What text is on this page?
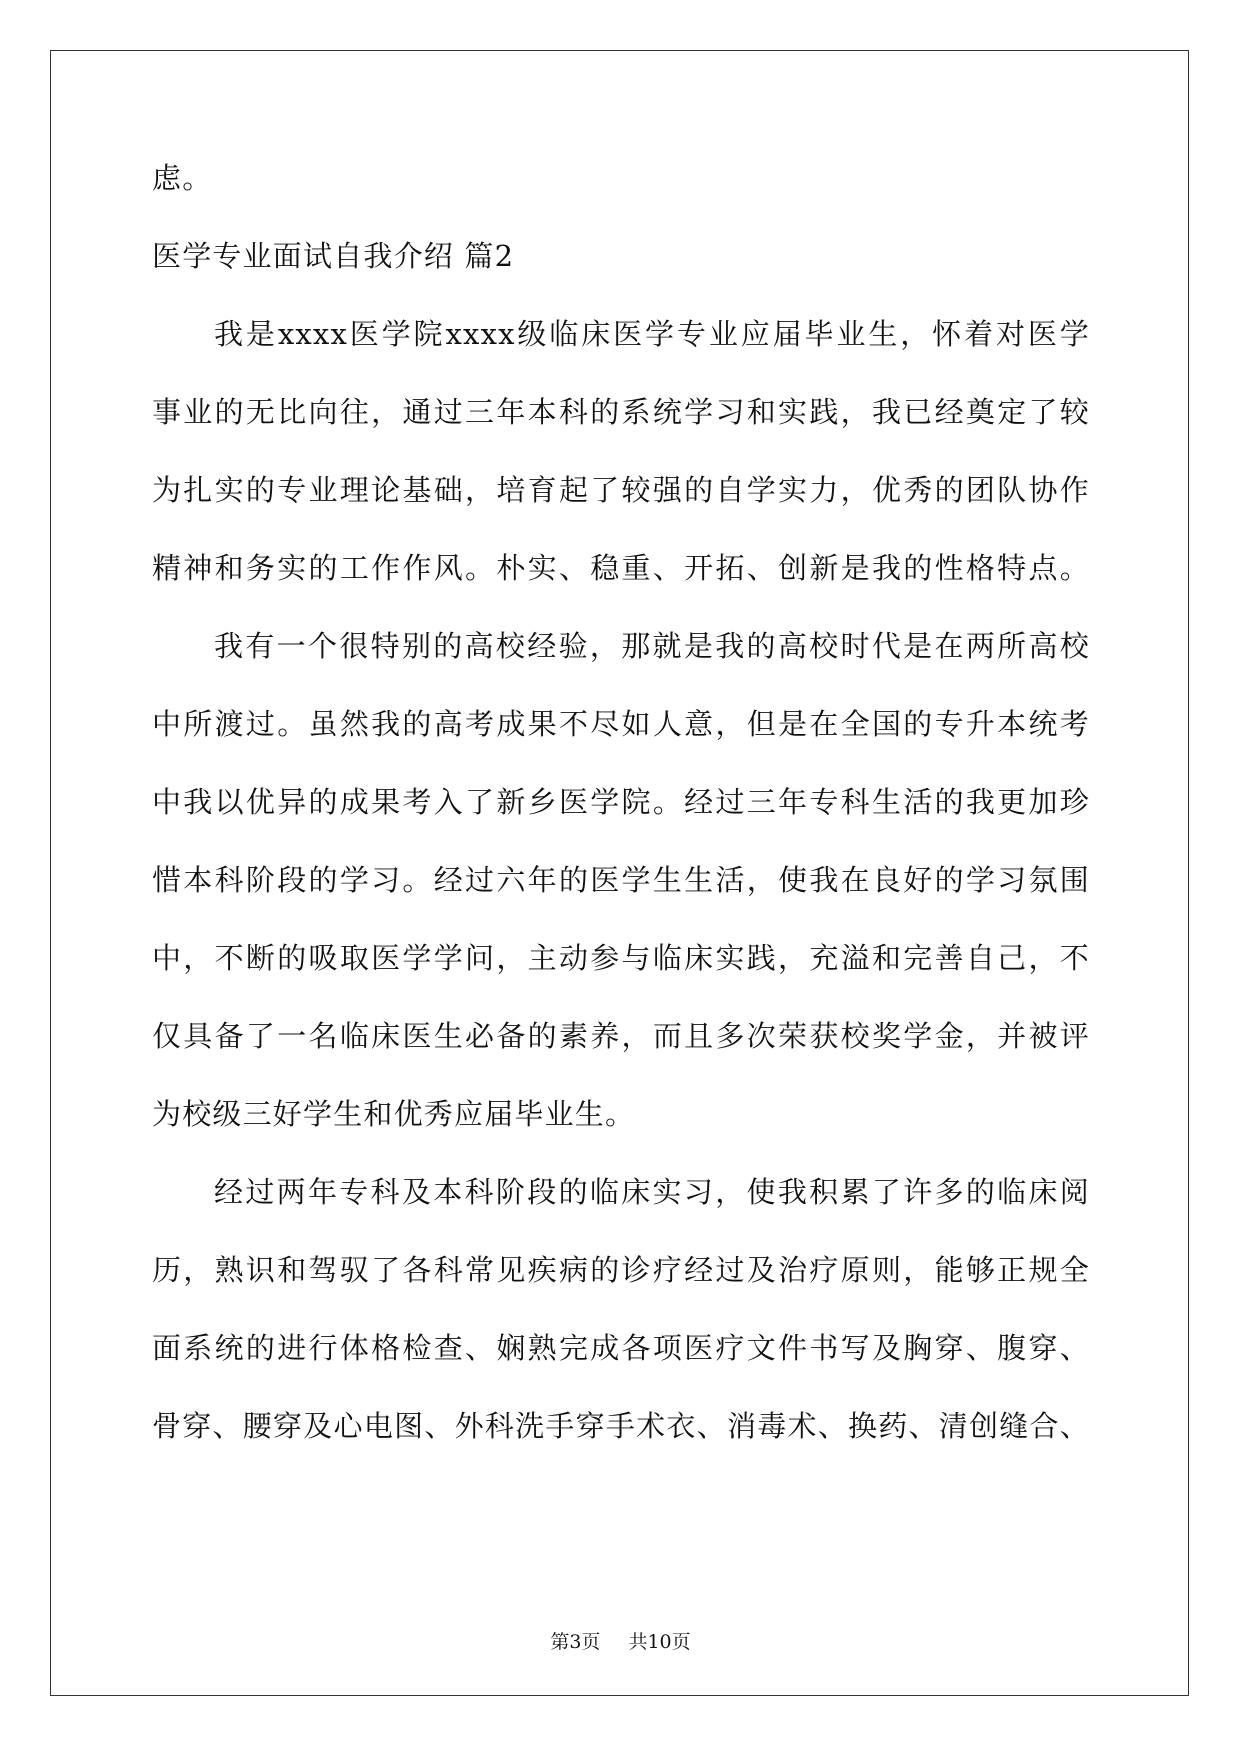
虑。

医学专业面试自我介绍 篇2

我是xxxx医学院xxxx级临床医学专业应届毕业生，怀着对医学

事业的无比向往，通过三年本科的系统学习和实践，我已经奠定了较

为扎实的专业理论基础，培育起了较强的自学实力，优秀的团队协作

精神和务实的工作作风。朴实、稳重、开拓、创新是我的性格特点。

我有一个很特别的高校经验，那就是我的高校时代是在两所高校

中所渡过。虽然我的高考成果不尽如人意，但是在全国的专升本统考

中我以优异的成果考入了新乡医学院。经过三年专科生活的我更加珍

惜本科阶段的学习。经过六年的医学生生活，使我在良好的学习氛围

中，不断的吸取医学学问，主动参与临床实践，充溢和完善自己，不

仅具备了一名临床医生必备的素养，而且多次荣获校奖学金，并被评

为校级三好学生和优秀应届毕业生。

经过两年专科及本科阶段的临床实习，使我积累了许多的临床阅

历，熟识和驾驭了各科常见疾病的诊疗经过及治疗原则，能够正规全

面系统的进行体格检查、娴熟完成各项医疗文件书写及胸穿、腹穿、

骨穿、腰穿及心电图、外科洗手穿手术衣、消毒术、换药、清创缝合、

第3页 共10页
